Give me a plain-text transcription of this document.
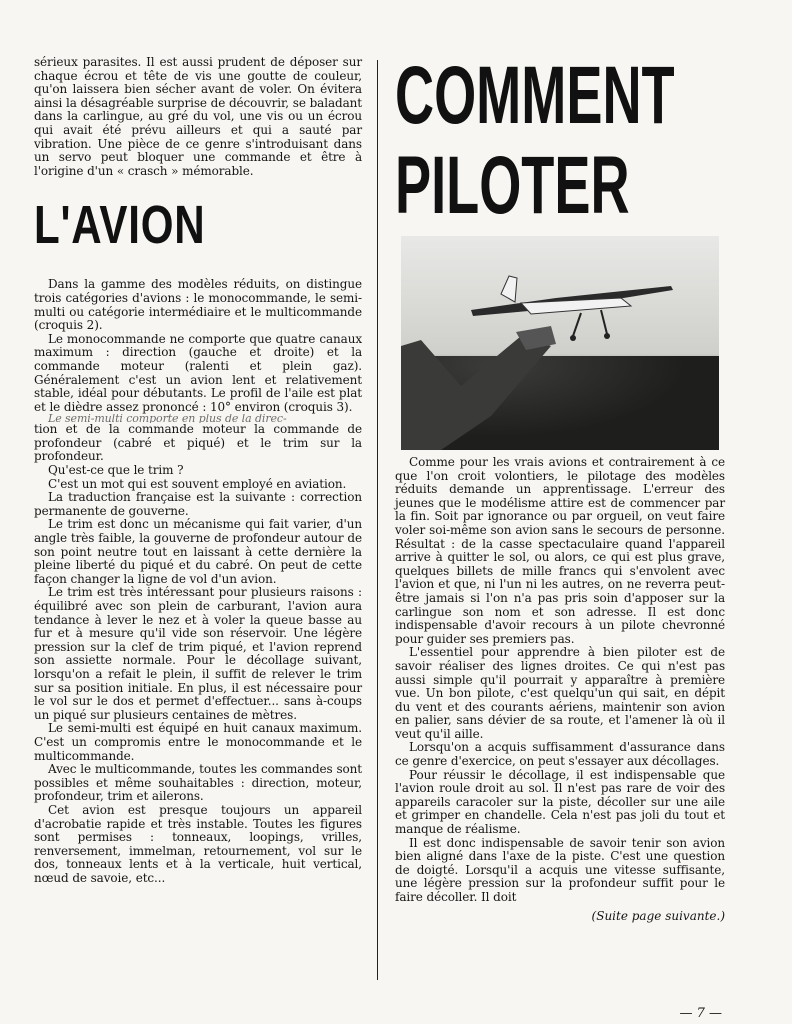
sérieux parasites. Il est aussi prudent de déposer sur chaque écrou et tête de vis une goutte de couleur, qu'on laissera bien sécher avant de voler. On évitera ainsi la désagréable surprise de découvrir, se baladant dans la carlingue, au gré du vol, une vis ou un écrou qui avait été prévu ailleurs et qui a sauté par vibration. Une pièce de ce genre s'introduisant dans un servo peut bloquer une commande et être à l'origine d'un « crasch » mémorable.

L'AVION

Dans la gamme des modèles réduits, on distingue trois catégories d'avions : le monocommande, le semi-multi ou catégorie intermédiaire et le multicommande (croquis 2).

Le monocommande ne comporte que quatre canaux maximum : direction (gauche et droite) et la commande moteur (ralenti et plein gaz). Généralement c'est un avion lent et relativement stable, idéal pour débutants. Le profil de l'aile est plat et le dièdre assez prononcé : 10° environ (croquis 3).

Le semi-multi comporte en plus de la direc-

tion et de la commande moteur la commande de profondeur (cabré et piqué) et le trim sur la profondeur.

Qu'est-ce que le trim ?

C'est un mot qui est souvent employé en aviation.

La traduction française est la suivante : correction permanente de gouverne.

Le trim est donc un mécanisme qui fait varier, d'un angle très faible, la gouverne de profondeur autour de son point neutre tout en laissant à cette dernière la pleine liberté du piqué et du cabré. On peut de cette façon changer la ligne de vol d'un avion.

Le trim est très intéressant pour plusieurs raisons : équilibré avec son plein de carburant, l'avion aura tendance à lever le nez et à voler la queue basse au fur et à mesure qu'il vide son réservoir. Une légère pression sur la clef de trim piqué, et l'avion reprend son assiette normale. Pour le décollage suivant, lorsqu'on a refait le plein, il suffit de relever le trim sur sa position initiale. En plus, il est nécessaire pour le vol sur le dos et permet d'effectuer... sans à-coups un piqué sur plusieurs centaines de mètres.

Le semi-multi est équipé en huit canaux maximum. C'est un compromis entre le monocommande et le multicommande.

Avec le multicommande, toutes les commandes sont possibles et même souhaitables : direction, moteur, profondeur, trim et ailerons.

Cet avion est presque toujours un appareil d'acrobatie rapide et très instable. Toutes les figures sont permises : tonneaux, loopings, vrilles, renversement, immelman, retournement, vol sur le dos, tonneaux lents et à la verticale, huit vertical, nœud de savoie, etc...

COMMENT
PILOTER

Comme pour les vrais avions et contrairement à ce que l'on croit volontiers, le pilotage des modèles réduits demande un apprentissage. L'erreur des jeunes que le modélisme attire est de commencer par la fin. Soit par ignorance ou par orgueil, on veut faire voler soi-même son avion sans le secours de personne. Résultat : de la casse spectaculaire quand l'appareil arrive à quitter le sol, ou alors, ce qui est plus grave, quelques billets de mille francs qui s'envolent avec l'avion et que, ni l'un ni les autres, on ne reverra peut-être jamais si l'on n'a pas pris soin d'apposer sur la carlingue son nom et son adresse. Il est donc indispensable d'avoir recours à un pilote chevronné pour guider ses premiers pas.

L'essentiel pour apprendre à bien piloter est de savoir réaliser des lignes droites. Ce qui n'est pas aussi simple qu'il pourrait y apparaître à première vue. Un bon pilote, c'est quelqu'un qui sait, en dépit du vent et des courants aériens, maintenir son avion en palier, sans dévier de sa route, et l'amener là où il veut qu'il aille.

Lorsqu'on a acquis suffisamment d'assurance dans ce genre d'exercice, on peut s'essayer aux décollages.

Pour réussir le décollage, il est indispensable que l'avion roule droit au sol. Il n'est pas rare de voir des appareils caracoler sur la piste, décoller sur une aile et grimper en chandelle. Cela n'est pas joli du tout et manque de réalisme.

Il est donc indispensable de savoir tenir son avion bien aligné dans l'axe de la piste. C'est une question de doigté. Lorsqu'il a acquis une vitesse suffisante, une légère pression sur la profondeur suffit pour le faire décoller. Il doit

(Suite page suivante.)
— 7 —
